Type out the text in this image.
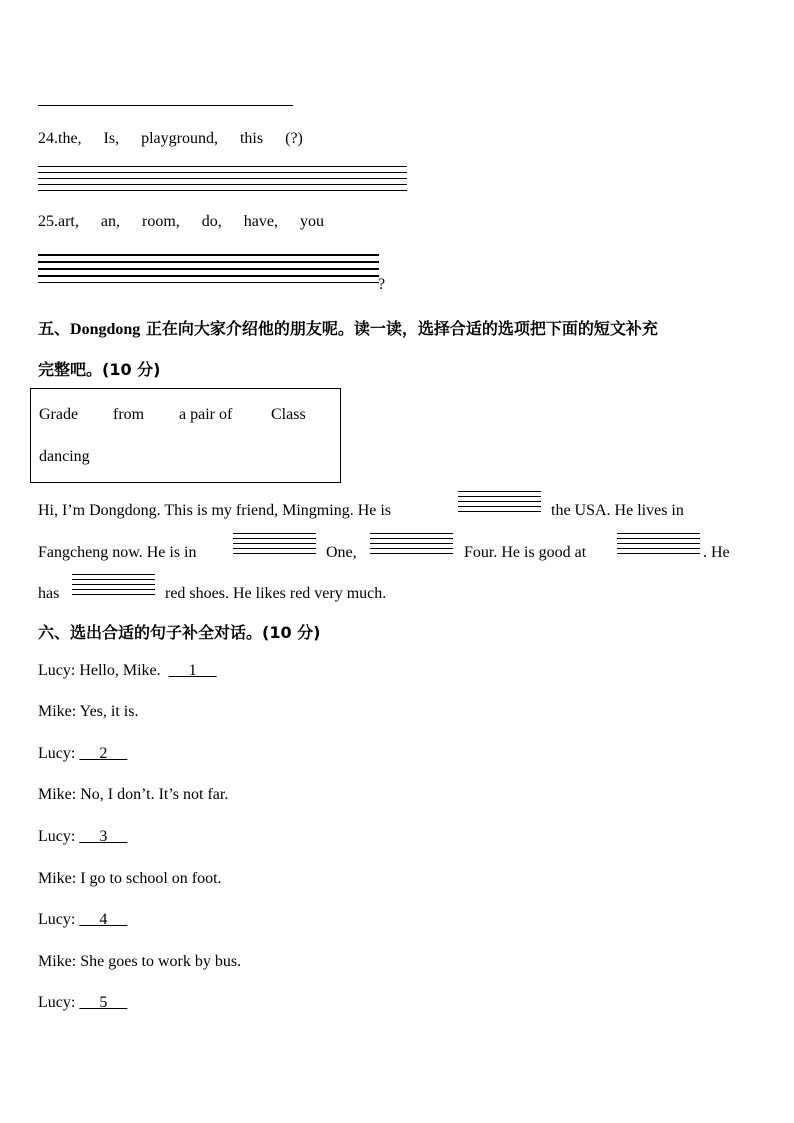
24.the, Is, playground, this (?)
25.art, an, room, do, have, you
?
五、Dongdong 正在向大家介绍他的朋友呢。读一读，选择合适的选项把下面的短文补充
完整吧。(10 分)
Grade from a pair of Class
dancing
Hi, I’m Dongdong. This is my friend, Mingming. He is	the USA. He lives in
Fangcheng now. He is in	One,	Four. He is good at	. He
has	red shoes. He likes red very much.
六、选出合适的句子补全对话。(10 分)
Lucy: Hello, Mike. 1
Mike: Yes, it is.
Lucy: 2
Mike: No, I don’t. It’s not far.
Lucy: 3
Mike: I go to school on foot.
Lucy: 4
Mike: She goes to work by bus.
Lucy: 5
